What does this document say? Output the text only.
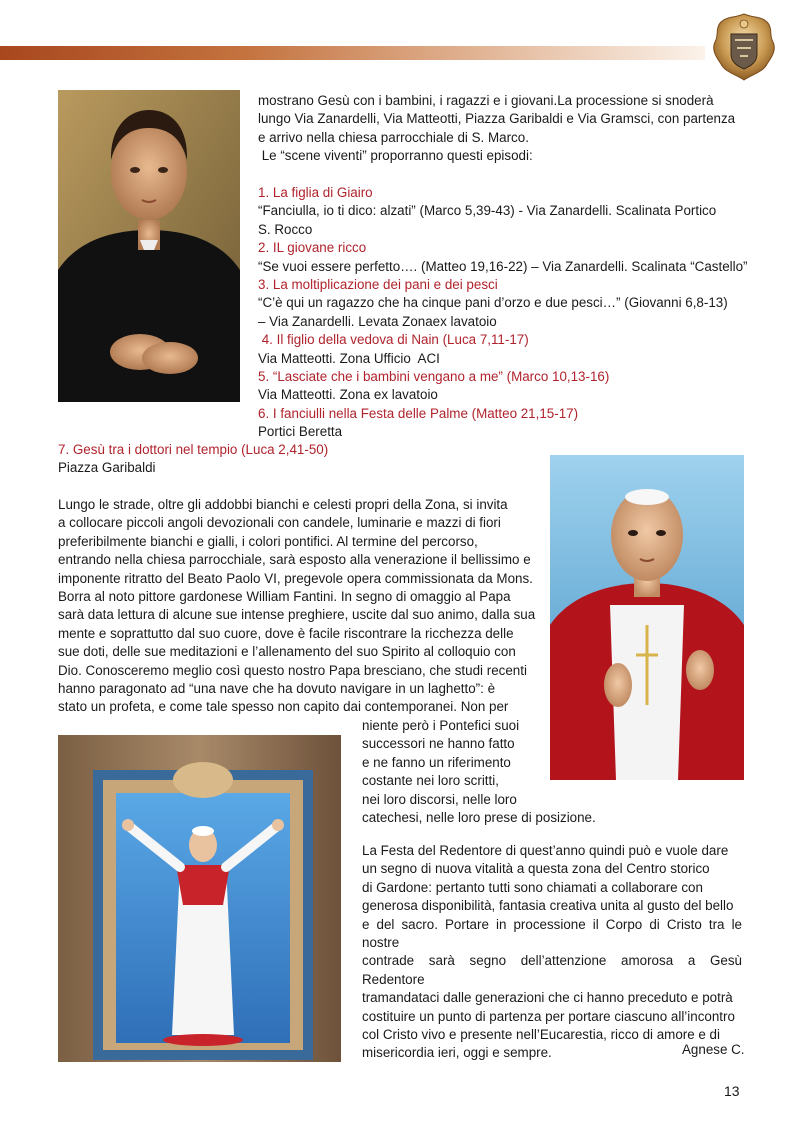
mostrano Gesù con i bambini, i ragazzi e i giovani.La processione si snoderà

lungo Via Zanardelli, Via Matteotti, Piazza Garibaldi e Via Gramsci, con partenza

e arrivo nella chiesa parrocchiale di S. Marco.

Le “scene viventi” proporranno questi episodi:

1. La figlia di Giairo

“Fanciulla, io ti dico: alzati” (Marco 5,39-43) - Via Zanardelli. Scalinata Portico

S. Rocco

2. IL giovane ricco

“Se vuoi essere perfetto…. (Matteo 19,16-22) – Via Zanardelli. Scalinata “Castello”

3. La moltiplicazione dei pani e dei pesci

“C’è qui un ragazzo che ha cinque pani d’orzo e due pesci…” (Giovanni 6,8-13)

– Via Zanardelli. Levata Zonaex lavatoio

4. Il figlio della vedova di Nain (Luca 7,11-17)

Via Matteotti. Zona Ufficio  ACI

5. “Lasciate che i bambini vengano a me” (Marco 10,13-16)

Via Matteotti. Zona ex lavatoio

6. I fanciulli nella Festa delle Palme (Matteo 21,15-17)

Portici Beretta

7. Gesù tra i dottori nel tempio (Luca 2,41-50)

Piazza Garibaldi

Lungo le strade, oltre gli addobbi bianchi e celesti propri della Zona, si invita

a collocare piccoli angoli devozionali con candele, luminarie e mazzi di fiori

preferibilmente bianchi e gialli, i colori pontifici. Al termine del percorso,

entrando nella chiesa parrocchiale, sarà esposto alla venerazione il bellissimo e

imponente ritratto del Beato Paolo VI, pregevole opera commissionata da Mons.

Borra al noto pittore gardonese William Fantini. In segno di omaggio al Papa

sarà data lettura di alcune sue intense preghiere, uscite dal suo animo, dalla sua

mente e soprattutto dal suo cuore, dove è facile riscontrare la ricchezza delle

sue doti, delle sue meditazioni e l’allenamento del suo Spirito al colloquio con

Dio. Conosceremo meglio così questo nostro Papa bresciano, che studi recenti

hanno paragonato ad “una nave che ha dovuto navigare in un laghetto”: è

stato un profeta, e come tale spesso non capito dai contemporanei. Non per

niente però i Pontefici suoi

successori ne hanno fatto

e ne fanno un riferimento

costante nei loro scritti,

nei loro discorsi, nelle loro

catechesi, nelle loro prese di posizione.

La Festa del Redentore di quest’anno quindi può e vuole dare

un segno di nuova vitalità a questa zona del Centro storico

di Gardone: pertanto tutti sono chiamati a collaborare con

generosa disponibilità, fantasia creativa unita al gusto del bello

e del sacro. Portare in processione il Corpo di Cristo tra le nostre

contrade sarà segno dell’attenzione amorosa a Gesù Redentore

tramandataci dalle generazioni che ci hanno preceduto e potrà

costituire un punto di partenza per portare ciascuno all’incontro

col Cristo vivo e presente nell’Eucarestia, ricco di amore e di

misericordia ieri, oggi e sempre.	Agnese C.
13
